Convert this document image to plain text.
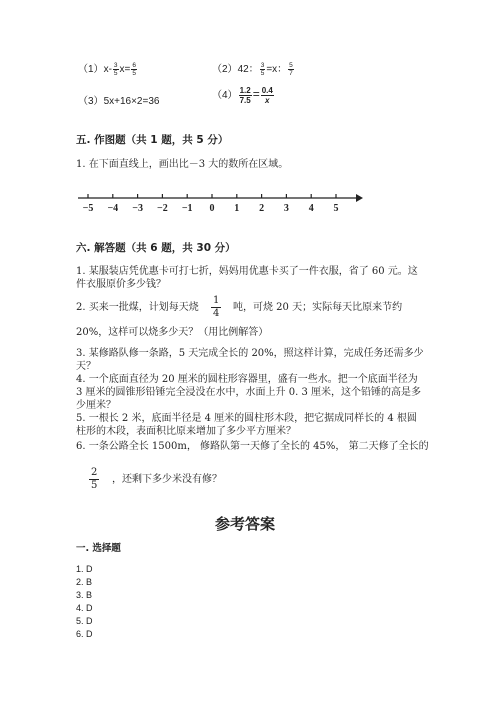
$(1)x- \frac{3}{5} x= \frac{6}{5}$	（2）42： $\frac{3}{5} =x$： $\frac{5}{7}$
（3）5x+16×2=36
$(4) \frac{1.2}{7.5} = \frac{0.4}{x}$
五. 作图题（共 1 题，共 5 分）
1. 在下面直线上，画出比－3 大的数所在区域。
−5 −4 −3 −2 −1 0 1 2 3 4 5
六. 解答题（共 6 题，共 30 分）
1. 某服装店凭优惠卡可打七折，妈妈用优惠卡买了一件衣服，省了 60 元。这件衣服原价多少钱？
2. 买来一批煤，计划每天烧 $\frac{1}{4}$ 吨，可烧 20 天；实际每天比原来节约
20%，这样可以烧多少天？（用比例解答）
3. 某修路队修一条路，5 天完成全长的 20%，照这样计算，完成任务还需多少天？
4. 一个底面直径为 20 厘米的圆柱形容器里，盛有一些水。把一个底面半径为 3 厘米的圆锥形铅锤完全浸没在水中，水面上升 0. 3 厘米，这个铅锤的高是多少厘米？
5. 一根长 2 米，底面半径是 4 厘米的圆柱形木段，把它据成同样长的 4 根圆柱形的木段，表面积比原来增加了多少平方厘米？
6. 一条公路全长 1500m， 修路队第一天修了全长的 45%， 第二天修了全长的
$\frac{2}{5}$ ，还剩下多少米没有修？
参考答案
一. 选择题
1. D
2. B
3. B
4. D
5. D
6. D
